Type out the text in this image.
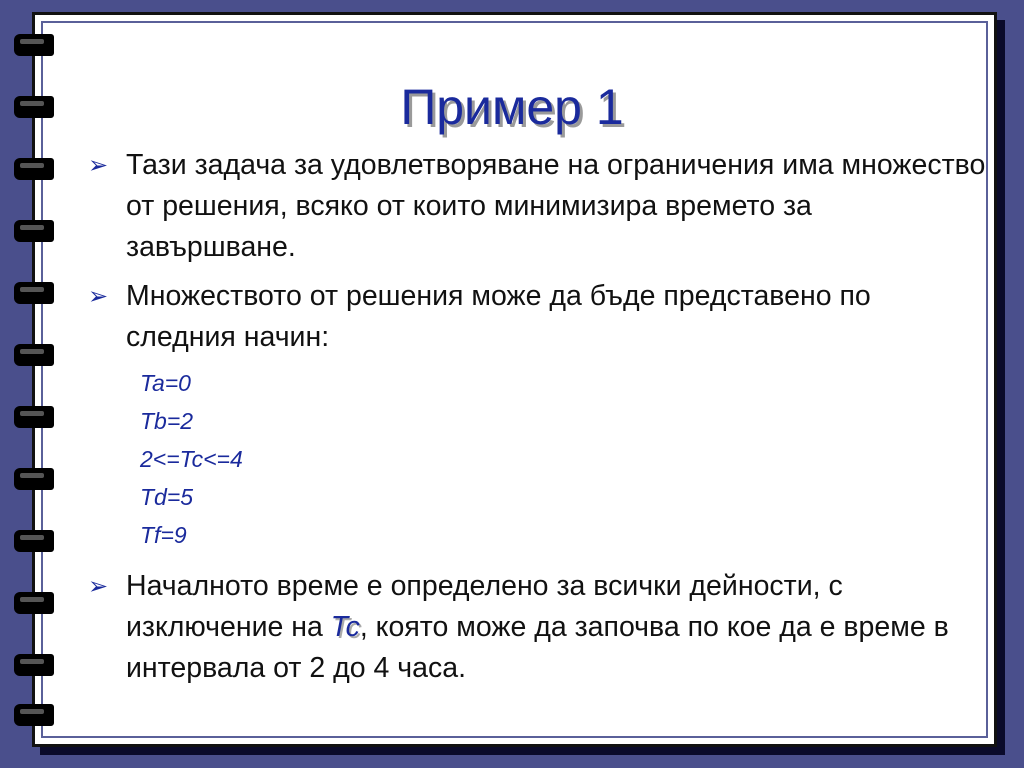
Пример 1
➢ Тази задача за удовлетворяване на ограничения има множество от решения, всяко от които минимизира времето за завършване.
➢ Множеството от решения може да бъде представено по следния начин:
Ta=0
Tb=2
2<=Tc<=4
Td=5
Tf=9
➢ Началното време е определено за всички дейности, с изключение на Tc, която може да започва по кое да е време в интервала от 2 до 4 часа.
